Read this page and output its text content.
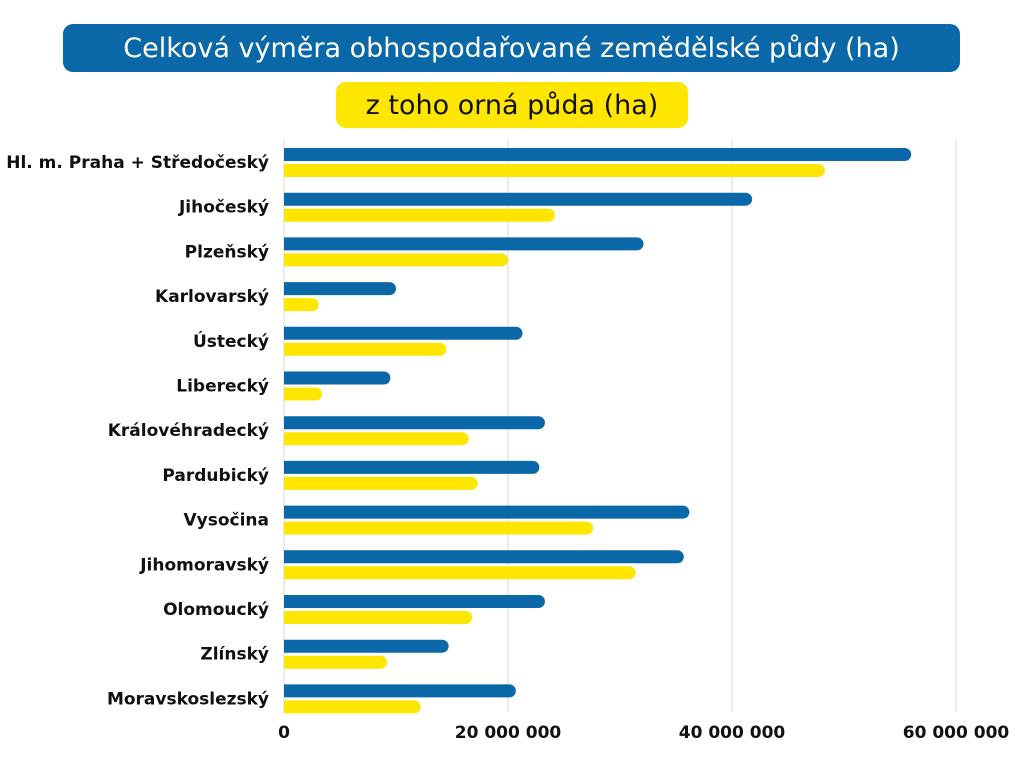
Celková výměra obhospodařované zemědělské půdy (ha)
z toho orná půda (ha)
Hl. m. Praha + Středočeský
Jihočeský
Plzeňský
Karlovarský
Ústecký
Liberecký
Královéhradecký
Pardubický
Vysočina
Jihomoravský
Olomoucký
Zlínský
Moravskoslezský
0	20 000 000	40 000 000	60 000 000
